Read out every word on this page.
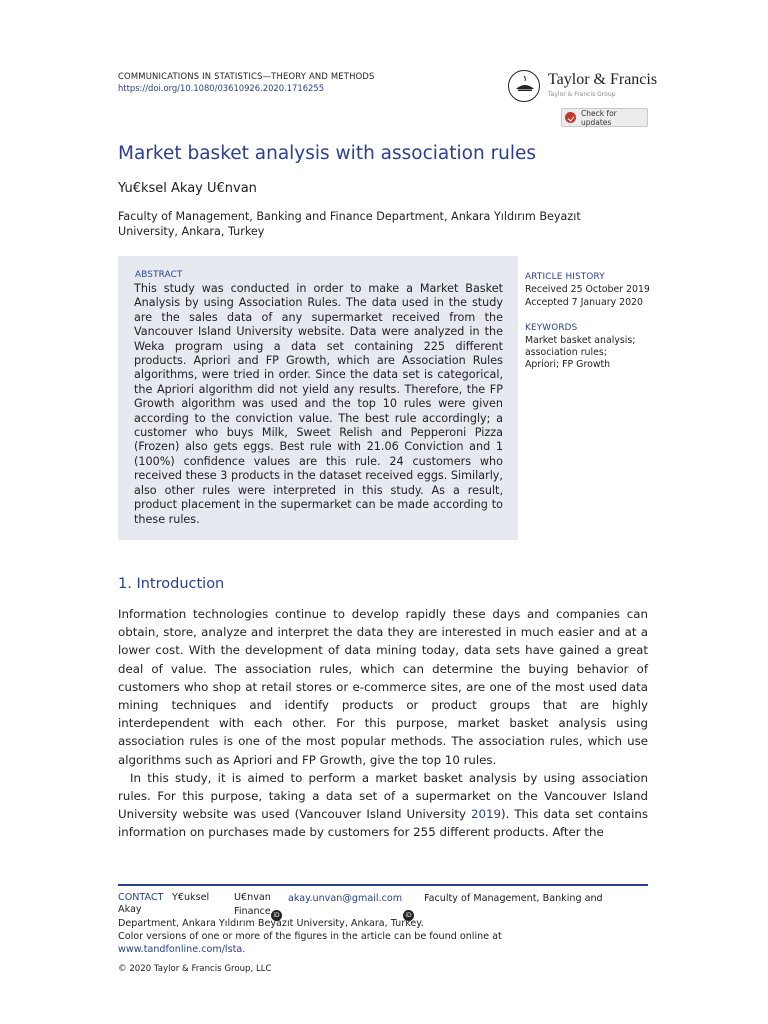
COMMUNICATIONS IN STATISTICS—THEORY AND METHODS
https://doi.org/10.1080/03610926.2020.1716255	Taylor & Francis
Taylor & Francis Group
Check for updates
Market basket analysis with association rules
Yu€ksel Akay U€nvan
Faculty of Management, Banking and Finance Department, Ankara Yıldırım Beyazıt University, Ankara, Turkey
ABSTRACT
This study was conducted in order to make a Market Basket Analysis by using Association Rules. The data used in the study are the sales data of any supermarket received from the Vancouver Island University website. Data were analyzed in the Weka program using a data set containing 225 different products. Apriori and FP Growth, which are Association Rules algorithms, were tried in order. Since the data set is categorical, the Apriori algorithm did not yield any results. Therefore, the FP Growth algorithm was used and the top 10 rules were given according to the conviction value. The best rule accordingly; a customer who buys Milk, Sweet Relish and Pepperoni Pizza (Frozen) also gets eggs. Best rule with 21.06 Conviction and 1 (100%) confidence values are this rule. 24 customers who received these 3 products in the dataset received eggs. Similarly, also other rules were interpreted in this study. As a result, product placement in the supermarket can be made according to these rules.
ARTICLE HISTORY
Received 25 October 2019
Accepted 7 January 2020
KEYWORDS
Market basket analysis;
association rules;
Apriori; FP Growth
1. Introduction

Information technologies continue to develop rapidly these days and companies can obtain, store, analyze and interpret the data they are interested in much easier and at a lower cost. With the development of data mining today, data sets have gained a great deal of value. The association rules, which can determine the buying behavior of customers who shop at retail stores or e-commerce sites, are one of the most used data mining techniques and identify products or product groups that are highly interdependent with each other. For this purpose, market basket analysis using association rules is one of the most popular methods. The association rules, which use algorithms such as Apriori and FP Growth, give the top 10 rules.

In this study, it is aimed to perform a market basket analysis by using association rules. For this purpose, taking a data set of a supermarket on the Vancouver Island University website was used (Vancouver Island University 2019). This data set contains information on purchases made by customers for 255 different products. After the

CONTACT Y€uksel
Akay
U€nvan akay.unvan@gmail.com Faculty of Management, Banking and
Finance iD	iD
Department, Ankara Yıldırım Beyazıt University, Ankara, Turkey.
Color versions of one or more of the figures in the article can be found online at
www.tandfonline.com/lsta.
© 2020 Taylor & Francis Group, LLC
